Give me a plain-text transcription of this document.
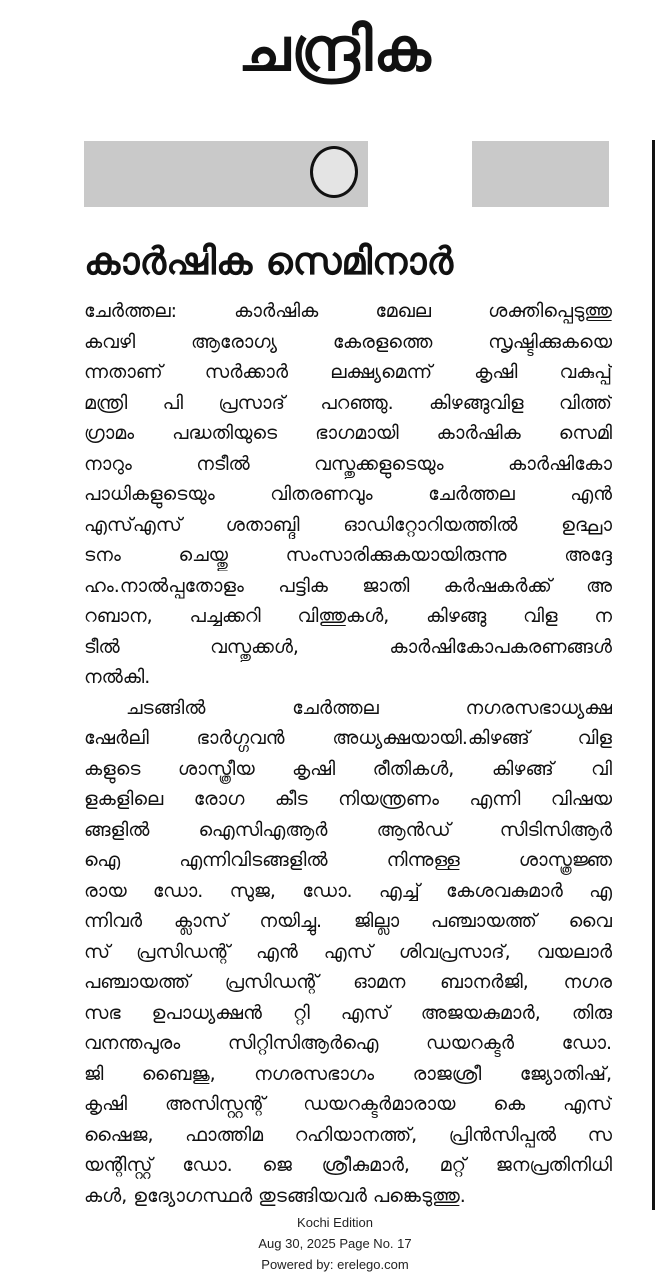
ചന്ദ്രിക
കാർഷിക സെമിനാർ
ചേർത്തല: കാർഷിക മേഖല ശക്തിപ്പെടുത്തു
കവഴി ആരോഗ്യ കേരളത്തെ സൃഷ്ടിക്കുകയെ
ന്നതാണ് സർക്കാർ ലക്ഷ്യമെന്ന് കൃഷി വകുപ്പ്
മന്ത്രി പി പ്രസാദ് പറഞ്ഞു. കിഴങ്ങുവിള വിത്ത്
ഗ്രാമം പദ്ധതിയുടെ ഭാഗമായി കാർഷിക സെമി
നാറും നടീൽ വസ്തുക്കളുടെയും കാർഷികോ
പാധികളുടെയും വിതരണവും ചേർത്തല എൻ
എസ്എസ് ശതാബ്ദി ഓഡിറ്റോറിയത്തിൽ ഉദ്ഘാ
ടനം ചെയ്തു സംസാരിക്കുകയായിരുന്നു അദ്ദേ
ഹം.നാൽപ്പതോളം പട്ടിക ജാതി കർഷകർക്ക് അ
റബാന, പച്ചക്കറി വിത്തുകൾ, കിഴങ്ങു വിള ന
ടീൽ വസ്തുക്കൾ, കാർഷികോപകരണങ്ങൾ
നൽകി.
ചടങ്ങിൽ ചേർത്തല നഗരസഭാധ്യക്ഷ
ഷേർലി ഭാർഗ്ഗവൻ അധ്യക്ഷയായി.കിഴങ്ങ് വിള
കളുടെ ശാസ്ത്രീയ കൃഷി രീതികൾ, കിഴങ്ങ് വി
ളകളിലെ രോഗ കീട നിയന്ത്രണം എന്നി വിഷയ
ങ്ങളിൽ ഐസിഎആർ ആൻഡ് സിടിസിആർ
ഐ എന്നിവിടങ്ങളിൽ നിന്നുള്ള ശാസ്ത്രജ്ഞ
രായ ഡോ. സുജ, ഡോ. എച്ച് കേശവകുമാർ എ
ന്നിവർ ക്ലാസ് നയിച്ചു. ജില്ലാ പഞ്ചായത്ത് വൈ
സ് പ്രസിഡന്റ് എൻ എസ് ശിവപ്രസാദ്, വയലാർ
പഞ്ചായത്ത് പ്രസിഡന്റ് ഓമന ബാനർജി, നഗര
സഭ ഉപാധ്യക്ഷൻ റ്റി എസ് അജയകുമാർ, തിരു
വനന്തപുരം സിറ്റിസിആർഐ ഡയറക്ടർ ഡോ.
ജി ബൈജു, നഗരസഭാഗം രാജശ്രീ ജ്യോതിഷ്,
കൃഷി അസിസ്റ്റന്റ് ഡയറക്ടർമാരായ കെ എസ്
ഷൈജ, ഫാത്തിമ റഹിയാനത്ത്, പ്രിൻസിപ്പൽ സ
യന്റിസ്റ്റ് ഡോ. ജെ ശ്രീകുമാർ, മറ്റ് ജനപ്രതിനിധി
കൾ, ഉദ്യോഗസ്ഥർ തുടങ്ങിയവർ പങ്കെടുത്തു.
Kochi Edition
Aug 30, 2025 Page No. 17
Powered by: erelego.com
